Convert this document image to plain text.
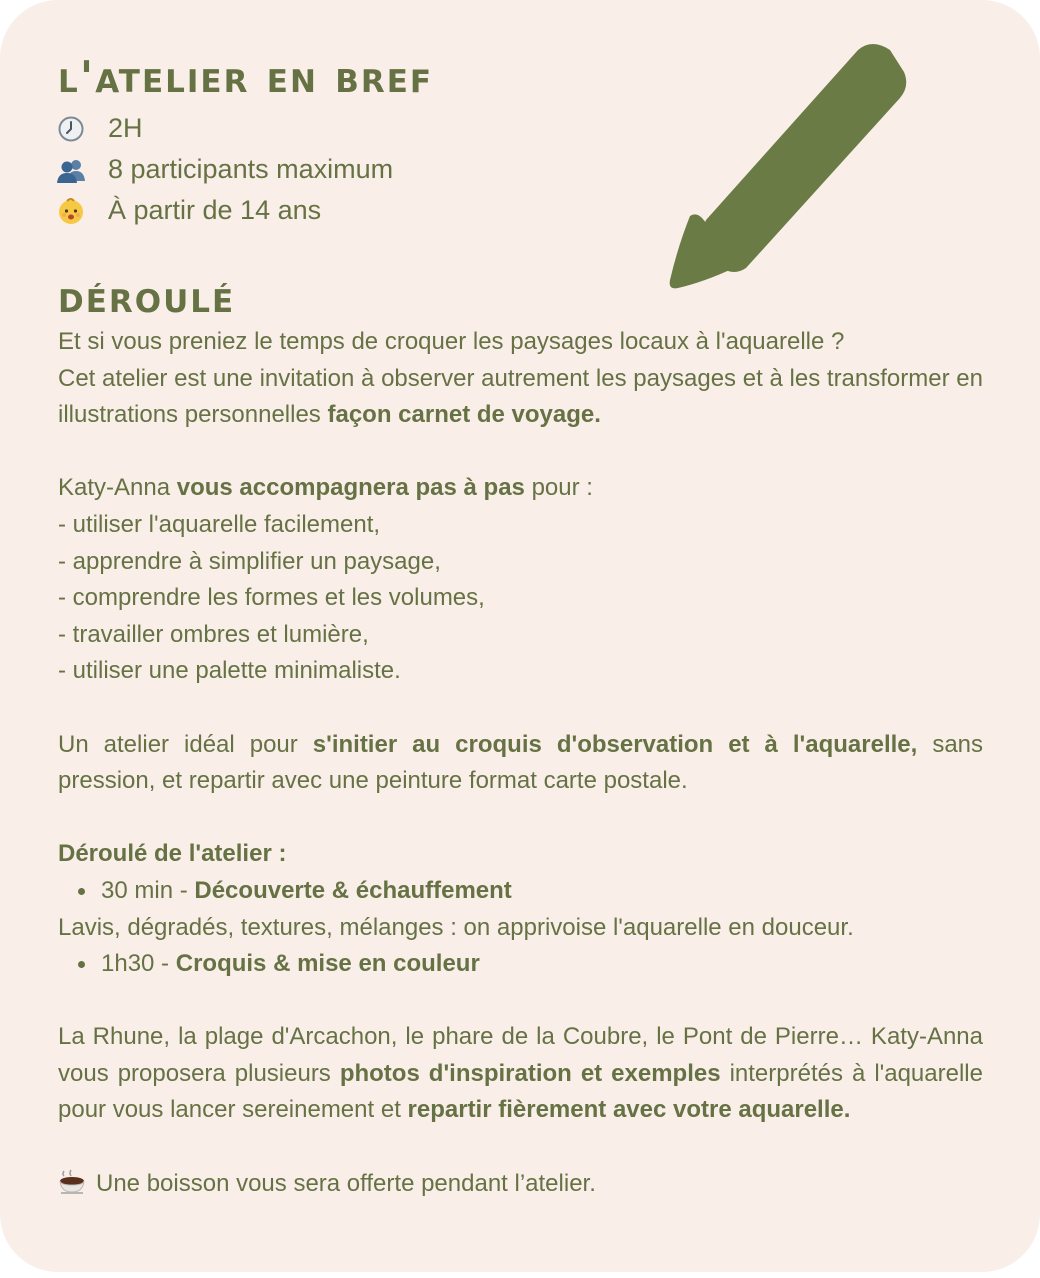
l'atelier en bref
2H
8 participants maximum
À partir de 14 ans
déroulé

Et si vous preniez le temps de croquer les paysages locaux à l'aquarelle ?

Cet atelier est une invitation à observer autrement les paysages et à les transformer en illustrations personnelles façon carnet de voyage.

Katy-Anna vous accompagnera pas à pas pour :

- utiliser l'aquarelle facilement,

- apprendre à simplifier un paysage,

- comprendre les formes et les volumes,

- travailler ombres et lumière,

- utiliser une palette minimaliste.

Un atelier idéal pour s'initier au croquis d'observation et à l'aquarelle, sans pression, et repartir avec une peinture format carte postale.

Déroulé de l'atelier :

30 min -
Découverte & échauffement

Lavis, dégradés, textures, mélanges : on apprivoise l'aquarelle en douceur.

1h30 -
Croquis & mise en couleur

La Rhune, la plage d'Arcachon, le phare de la Coubre, le Pont de Pierre… Katy-Anna vous proposera plusieurs photos d'inspiration et exemples interprétés à l'aquarelle pour vous lancer sereinement et repartir fièrement avec votre aquarelle.

Une boisson vous sera offerte pendant l’atelier.
